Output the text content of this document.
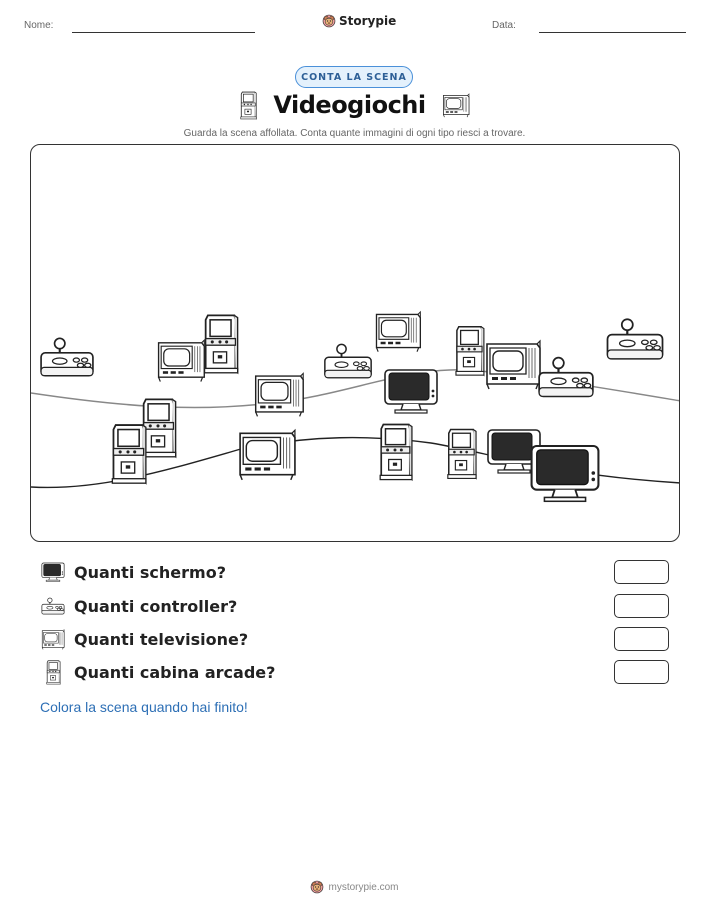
Nome:	Storypie	Data:
CONTA LA SCENA
Videogiochi
Guarda la scena affollata. Conta quante immagini di ogni tipo riesci a trovare.
Quanti schermo?
Quanti controller?
Quanti televisione?
Quanti cabina arcade?
Colora la scena quando hai finito!
mystorypie.com
